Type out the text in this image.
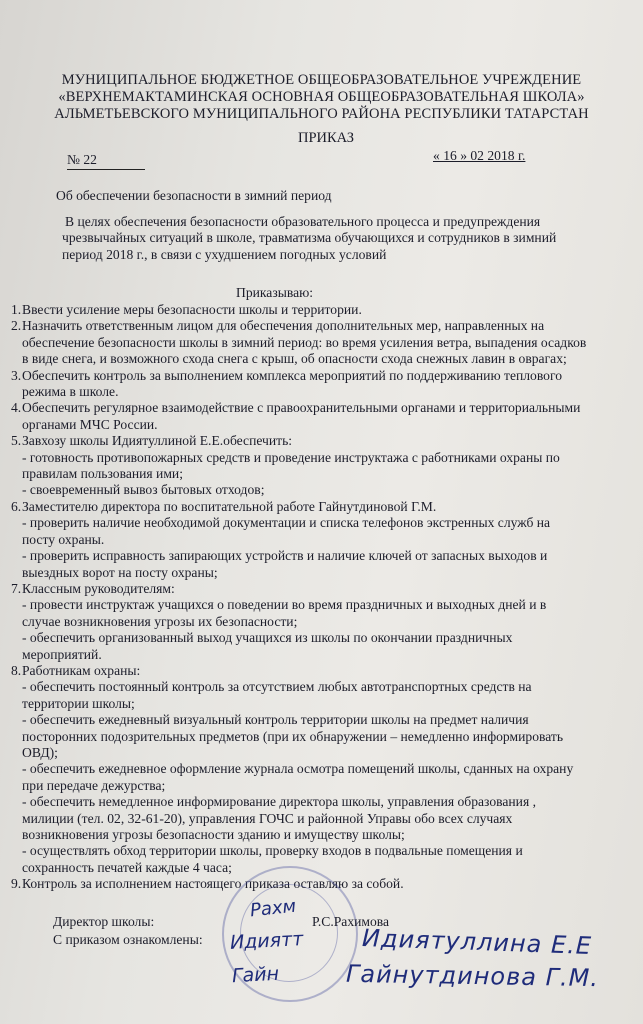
МУНИЦИПАЛЬНОЕ БЮДЖЕТНОЕ ОБЩЕОБРАЗОВАТЕЛЬНОЕ УЧРЕЖДЕНИЕ
«ВЕРХНЕМАКТАМИНСКАЯ ОСНОВНАЯ ОБЩЕОБРАЗОВАТЕЛЬНАЯ ШКОЛА»
АЛЬМЕТЬЕВСКОГО МУНИЦИПАЛЬНОГО РАЙОНА РЕСПУБЛИКИ ТАТАРСТАН
ПРИКАЗ
№ 22	« 16 » 02 2018 г.
Об обеспечении безопасности в зимний период
В целях обеспечения безопасности образовательного процесса и предупреждения
чрезвычайных ситуаций в школе, травматизма обучающихся и сотрудников в зимний
период 2018 г., в связи с ухудшением погодных условий
Приказываю:
1. Ввести усиление меры безопасности школы и территории.
2. Назначить ответственным лицом для обеспечения дополнительных мер, направленных на
обеспечение безопасности школы в зимний период: во время усиления ветра, выпадения осадков
в виде снега, и возможного схода снега с крыш, об опасности схода снежных лавин в оврагах;
3. Обеспечить контроль за выполнением комплекса мероприятий по поддерживанию теплового
режима в школе.
4. Обеспечить регулярное взаимодействие с правоохранительными органами и территориальными
органами МЧС России.
5. Завхозу школы Идиятуллиной Е.Е.обеспечить:
- готовность противопожарных средств и проведение инструктажа с работниками охраны по
правилам пользования ими;
- своевременный вывоз бытовых отходов;
6. Заместителю директора по воспитательной работе Гайнутдиновой Г.М.
- проверить наличие необходимой документации и списка телефонов экстренных служб на
посту охраны.
- проверить исправность запирающих устройств и наличие ключей от запасных выходов и
выездных ворот на посту охраны;
7. Классным руководителям:
- провести инструктаж учащихся о поведении во время праздничных и выходных дней и в
случае возникновения угрозы их безопасности;
- обеспечить организованный выход учащихся из школы по окончании праздничных
мероприятий.
8. Работникам охраны:
- обеспечить постоянный контроль за отсутствием любых автотранспортных средств на
территории школы;
- обеспечить ежедневный визуальный контроль территории школы на предмет наличия
посторонних подозрительных предметов (при их обнаружении – немедленно информировать
ОВД);
- обеспечить ежедневное оформление журнала осмотра помещений школы, сданных на охрану
при передаче дежурства;
- обеспечить немедленное информирование директора школы, управления образования ,
милиции (тел. 02, 32-61-20), управления ГОЧС и районной Управы обо всех случаях
возникновения угрозы безопасности зданию и имуществу школы;
- осуществлять обход территории школы, проверку входов в подвальные помещения и
сохранность печатей каждые 4 часа;
9. Контроль за исполнением настоящего приказа оставляю за собой.
Директор школы:	Р.С.Рахимова
С приказом ознакомлены:
Рахм
Идиятт Идиятуллина Е.Е
Гайн	Гайнутдинова Г.М.
